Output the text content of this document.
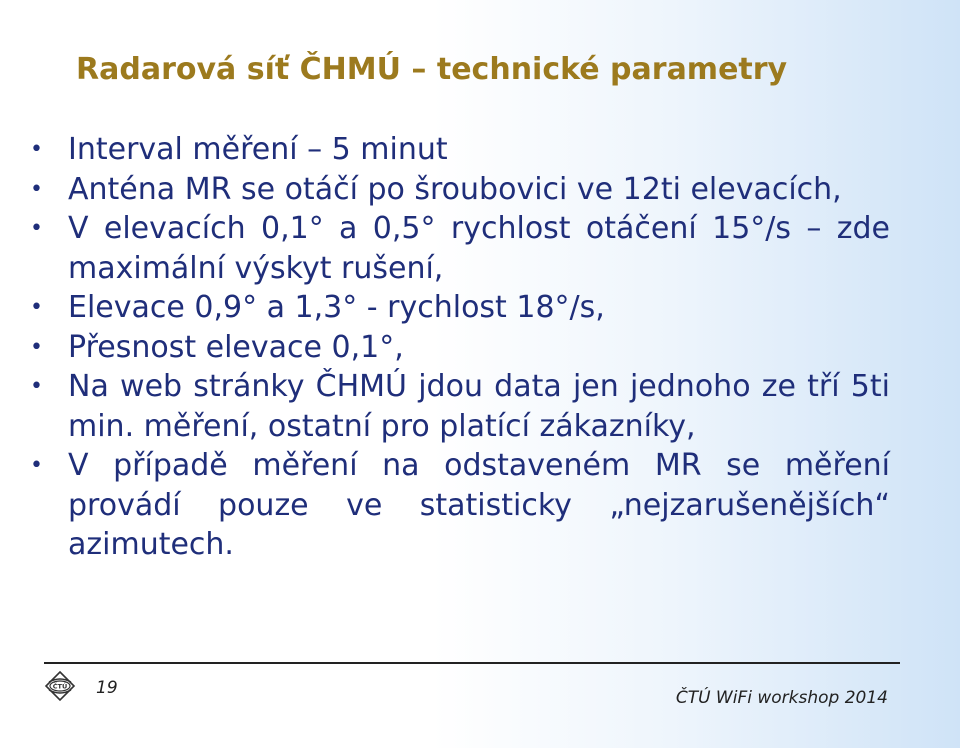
Radarová síť ČHMÚ – technické parametry
• Interval měření – 5 minut
• Anténa MR se otáčí po šroubovici ve 12ti elevacích,
• V elevacích 0,1° a 0,5° rychlost otáčení 15°/s – zde maximální výskyt rušení,
• Elevace 0,9° a 1,3° - rychlost 18°/s,
• Přesnost elevace 0,1°,
• Na web stránky ČHMÚ jdou data jen jednoho ze tří 5ti min. měření, ostatní pro platící zákazníky,
• V případě měření na odstaveném MR se měření provádí pouze ve statisticky „nejzarušenějších“ azimutech.
ČTÚ 19	ČTÚ WiFi workshop 2014
